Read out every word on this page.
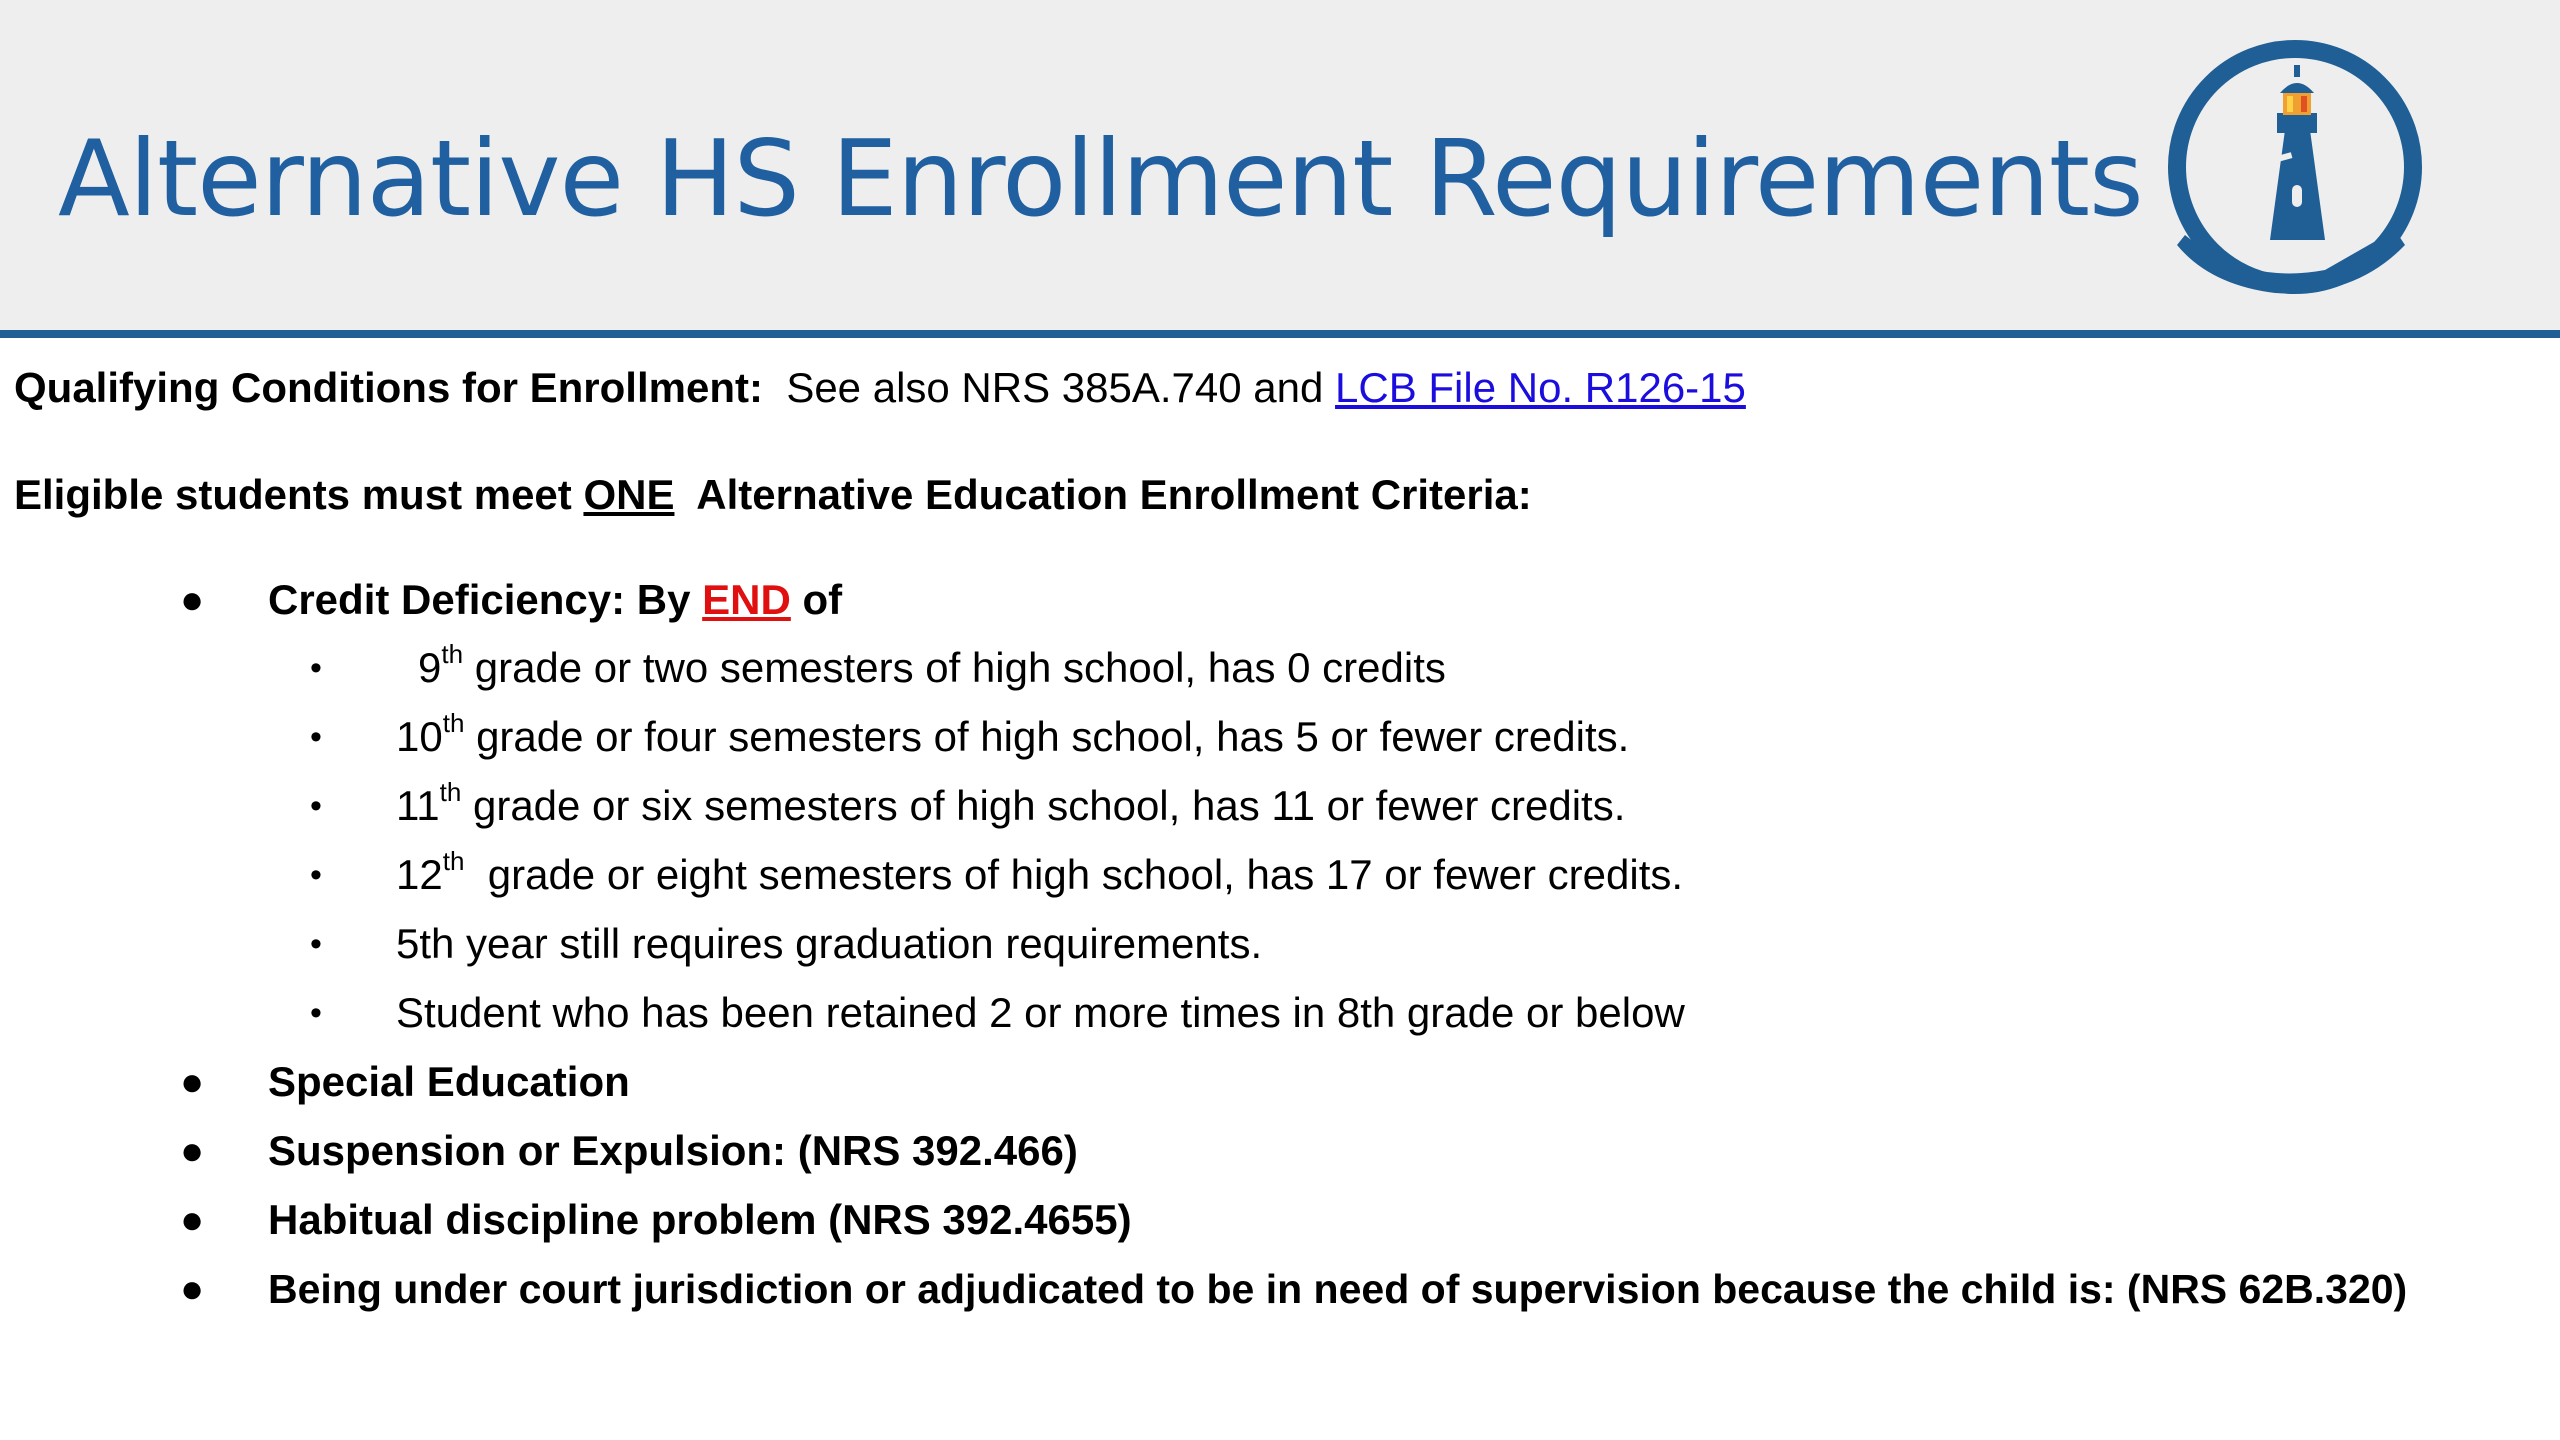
Alternative HS Enrollment Requirements
Qualifying Conditions for Enrollment: See also NRS 385A.740 and LCB File No. R126-15
Eligible students must meet ONE Alternative Education Enrollment Criteria:
● Credit Deficiency: By END of
• 9th grade or two semesters of high school, has 0 credits
• 10th grade or four semesters of high school, has 5 or fewer credits.
• 11th grade or six semesters of high school, has 11 or fewer credits.
• 12th grade or eight semesters of high school, has 17 or fewer credits.
• 5th year still requires graduation requirements.
• Student who has been retained 2 or more times in 8th grade or below
● Special Education
● Suspension or Expulsion: (NRS 392.466)
● Habitual discipline problem (NRS 392.4655)
● Being under court jurisdiction or adjudicated to be in need of supervision because the child is: (NRS 62B.320)
